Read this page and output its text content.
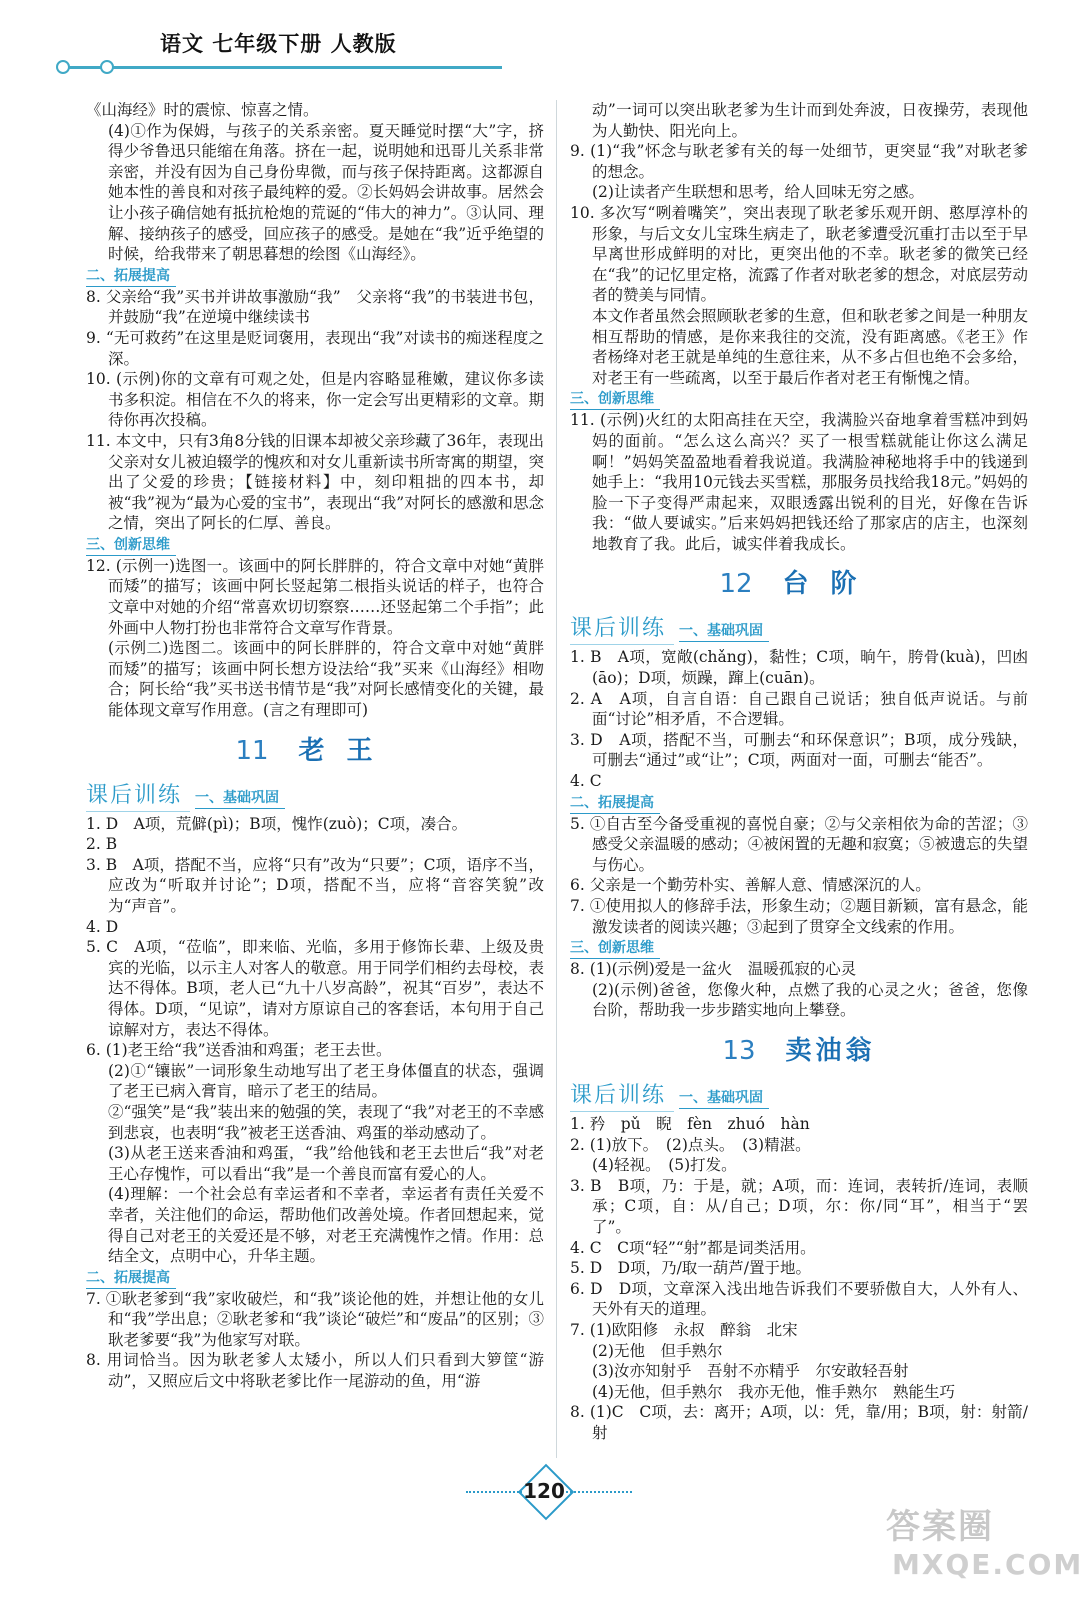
语文 七年级下册 人教版

《山海经》时的震惊、惊喜之情。

(4)①作为保姆，与孩子的关系亲密。夏天睡觉时摆“大”字，挤得少爷鲁迅只能缩在角落。挤在一起，说明她和迅哥儿关系非常亲密，并没有因为自己身份卑微，而与孩子保持距离。这都源自她本性的善良和对孩子最纯粹的爱。②长妈妈会讲故事。居然会让小孩子确信她有抵抗枪炮的荒诞的“伟大的神力”。③认同、理解、接纳孩子的感受，回应孩子的感受。是她在“我”近乎绝望的时候，给我带来了朝思暮想的绘图《山海经》。

二、拓展提高

8. 父亲给“我”买书并讲故事激励“我”　父亲将“我”的书装进书包，并鼓励“我”在逆境中继续读书

9. “无可救药”在这里是贬词褒用，表现出“我”对读书的痴迷程度之深。

10. (示例)你的文章有可观之处，但是内容略显稚嫩，建议你多读书多积淀。相信在不久的将来，你一定会写出更精彩的文章。期待你再次投稿。

11. 本文中，只有3角8分钱的旧课本却被父亲珍藏了36年，表现出父亲对女儿被迫辍学的愧疚和对女儿重新读书所寄寓的期望，突出了父爱的珍贵；【链接材料】中，刻印粗拙的四本书，却被“我”视为“最为心爱的宝书”，表现出“我”对阿长的感激和思念之情，突出了阿长的仁厚、善良。

三、创新思维

12. (示例一)选图一。该画中的阿长胖胖的，符合文章中对她“黄胖而矮”的描写；该画中阿长竖起第二根指头说话的样子，也符合文章中对她的介绍“常喜欢切切察察……还竖起第二个手指”；此外画中人物打扮也非常符合文章写作背景。

(示例二)选图二。该画中的阿长胖胖的，符合文章中对她“黄胖而矮”的描写；该画中阿长想方设法给“我”买来《山海经》相吻合；阿长给“我”买书送书情节是“我”对阿长感情变化的关键，最能体现文章写作用意。(言之有理即可)

11 老王
课后训练 一、基础巩固

1. D　A项，荒僻(pì)；B项，愧怍(zuò)；C项，凑合。

2. B

3. B　A项，搭配不当，应将“只有”改为“只要”；C项，语序不当，应改为“听取并讨论”；D项，搭配不当，应将“音容笑貌”改为“声音”。

4. D

5. C　A项，“莅临”，即来临、光临，多用于修饰长辈、上级及贵宾的光临，以示主人对客人的敬意。用于同学们相约去母校，表达不得体。B项，老人已“九十八岁高龄”，祝其“百岁”，表达不得体。D项，“见谅”，请对方原谅自己的客套话，本句用于自己谅解对方，表达不得体。

6. (1)老王给“我”送香油和鸡蛋；老王去世。

(2)①“镶嵌”一词形象生动地写出了老王身体僵直的状态，强调了老王已病入膏肓，暗示了老王的结局。

②“强笑”是“我”装出来的勉强的笑，表现了“我”对老王的不幸感到悲哀，也表明“我”被老王送香油、鸡蛋的举动感动了。

(3)从老王送来香油和鸡蛋，“我”给他钱和老王去世后“我”对老王心存愧怍，可以看出“我”是一个善良而富有爱心的人。

(4)理解：一个社会总有幸运者和不幸者，幸运者有责任关爱不幸者，关注他们的命运，帮助他们改善处境。作者回想起来，觉得自己对老王的关爱还是不够，对老王充满愧怍之情。作用：总结全文，点明中心，升华主题。

二、拓展提高

7. ①耿老爹到“我”家收破烂，和“我”谈论他的姓，并想让他的女儿和“我”学出息；②耿老爹和“我”谈论“破烂”和“废品”的区别；③耿老爹要“我”为他家写对联。

8. 用词恰当。因为耿老爹人太矮小，所以人们只看到大箩筐“游动”，又照应后文中将耿老爹比作一尾游动的鱼，用“游

动”一词可以突出耿老爹为生计而到处奔波，日夜操劳，表现他为人勤快、阳光向上。

9. (1)“我”怀念与耿老爹有关的每一处细节，更突显“我”对耿老爹的想念。

(2)让读者产生联想和思考，给人回味无穷之感。

10. 多次写“咧着嘴笑”，突出表现了耿老爹乐观开朗、憨厚淳朴的形象，与后文女儿宝珠生病走了，耿老爹遭受沉重打击以至于早早离世形成鲜明的对比，更突出他的不幸。耿老爹的微笑已经在“我”的记忆里定格，流露了作者对耿老爹的想念，对底层劳动者的赞美与同情。

本文作者虽然会照顾耿老爹的生意，但和耿老爹之间是一种朋友相互帮助的情感，是你来我往的交流，没有距离感。《老王》作者杨绛对老王就是单纯的生意往来，从不多占但也绝不会多给，对老王有一些疏离，以至于最后作者对老王有惭愧之情。

三、创新思维

11. (示例)火红的太阳高挂在天空，我满脸兴奋地拿着雪糕冲到妈妈的面前。“怎么这么高兴？买了一根雪糕就能让你这么满足啊！”妈妈笑盈盈地看着我说道。我满脸神秘地将手中的钱递到她手上：“我用10元钱去买雪糕，那服务员找给我18元。”妈妈的脸一下子变得严肃起来，双眼透露出锐利的目光，好像在告诉我：“做人要诚实。”后来妈妈把钱还给了那家店的店主，也深刻地教育了我。此后，诚实伴着我成长。

12 台阶
课后训练 一、基础巩固

1. B　A项，宽敞(chǎng)，黏性；C项，晌午，胯骨(kuà)，凹凼(āo)；D项，烦躁，蹿上(cuān)。

2. A　A项，自言自语：自己跟自己说话；独自低声说话。与前面“讨论”相矛盾，不合逻辑。

3. D　A项，搭配不当，可删去“和环保意识”；B项，成分残缺，可删去“通过”或“让”；C项，两面对一面，可删去“能否”。

4. C

二、拓展提高

5. ①自古至今备受重视的喜悦自豪；②与父亲相依为命的苦涩；③感受父亲温暖的感动；④被闲置的无趣和寂寞；⑤被遗忘的失望与伤心。

6. 父亲是一个勤劳朴实、善解人意、情感深沉的人。

7. ①使用拟人的修辞手法，形象生动；②题目新颖，富有悬念，能激发读者的阅读兴趣；③起到了贯穿全文线索的作用。

三、创新思维

8. (1)(示例)爱是一盆火　温暖孤寂的心灵

(2)(示例)爸爸，您像火种，点燃了我的心灵之火；爸爸，您像台阶，帮助我一步步踏实地向上攀登。

13 卖油翁
课后训练 一、基础巩固

1. 矜　pǔ　睨　fèn　zhuó　hàn

2. (1)放下。　(2)点头。　(3)精湛。

(4)轻视。　(5)打发。

3. B　B项，乃：于是，就；A项，而：连词，表转折/连词，表顺承；C项，自：从/自己；D项，尔：你/同“耳”，相当于“罢了”。

4. C　C项“轻”“射”都是词类活用。

5. D　D项，乃/取一葫芦/置于地。

6. D　D项，文章深入浅出地告诉我们不要骄傲自大，人外有人、天外有天的道理。

7. (1)欧阳修　永叔　醉翁　北宋

(2)无他　但手熟尔

(3)汝亦知射乎　吾射不亦精乎　尔安敢轻吾射

(4)无他，但手熟尔　我亦无他，惟手熟尔　熟能生巧

8. (1)C　C项，去：离开；A项，以：凭，靠/用；B项，射：射箭/射

120
答案圈
MXQE.COM
